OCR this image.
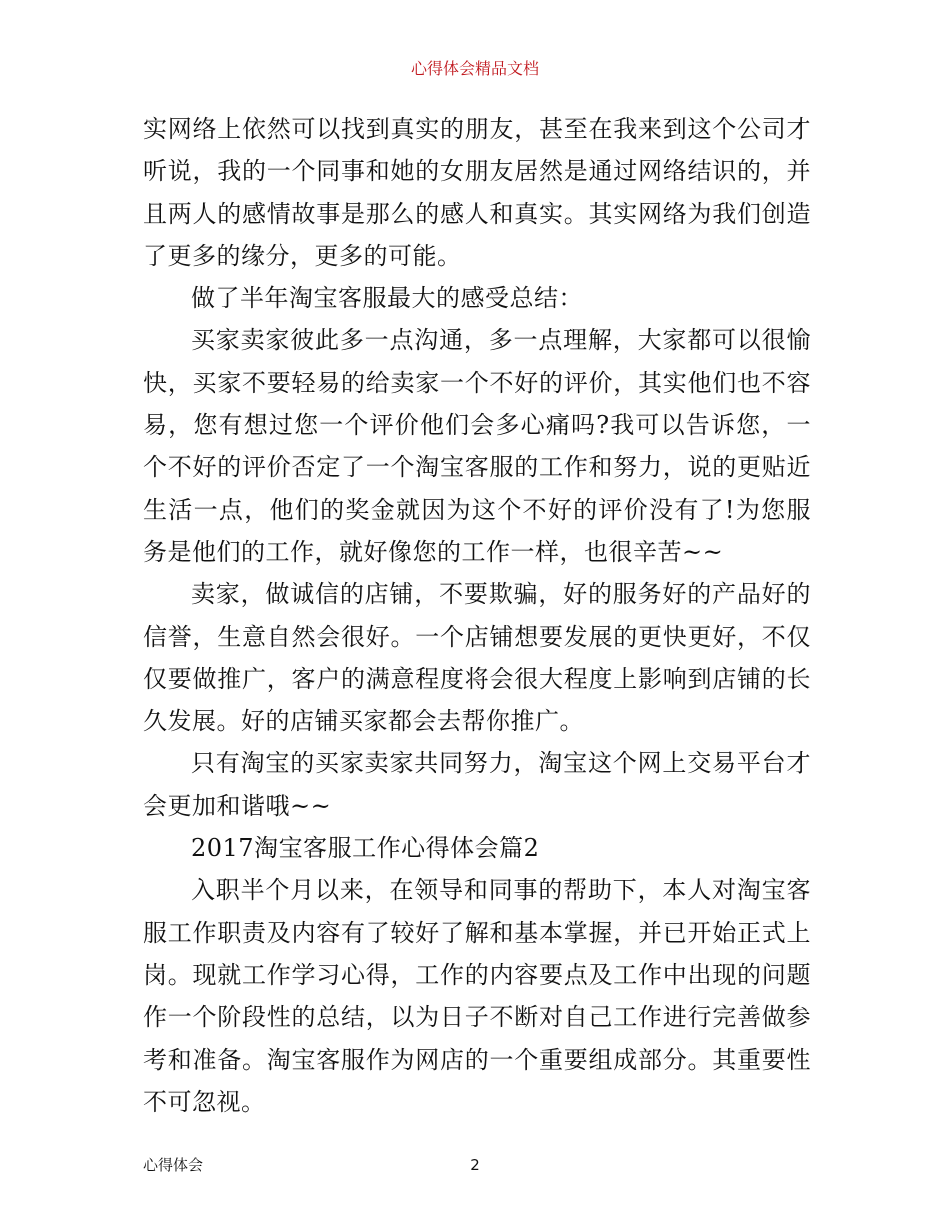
心得体会精品文档

实网络上依然可以找到真实的朋友，甚至在我来到这个公司才听说，我的一个同事和她的女朋友居然是通过网络结识的，并且两人的感情故事是那么的感人和真实。其实网络为我们创造了更多的缘分，更多的可能。

做了半年淘宝客服最大的感受总结：

买家卖家彼此多一点沟通，多一点理解，大家都可以很愉快，买家不要轻易的给卖家一个不好的评价，其实他们也不容易，您有想过您一个评价他们会多心痛吗?我可以告诉您，一个不好的评价否定了一个淘宝客服的工作和努力，说的更贴近生活一点，他们的奖金就因为这个不好的评价没有了!为您服务是他们的工作，就好像您的工作一样，也很辛苦~~

卖家，做诚信的店铺，不要欺骗，好的服务好的产品好的信誉，生意自然会很好。一个店铺想要发展的更快更好，不仅仅要做推广，客户的满意程度将会很大程度上影响到店铺的长久发展。好的店铺买家都会去帮你推广。

只有淘宝的买家卖家共同努力，淘宝这个网上交易平台才会更加和谐哦~~

2017淘宝客服工作心得体会篇2

入职半个月以来，在领导和同事的帮助下，本人对淘宝客服工作职责及内容有了较好了解和基本掌握，并已开始正式上岗。现就工作学习心得，工作的内容要点及工作中出现的问题作一个阶段性的总结，以为日子不断对自己工作进行完善做参考和准备。淘宝客服作为网店的一个重要组成部分。其重要性不可忽视。

心得体会	2
